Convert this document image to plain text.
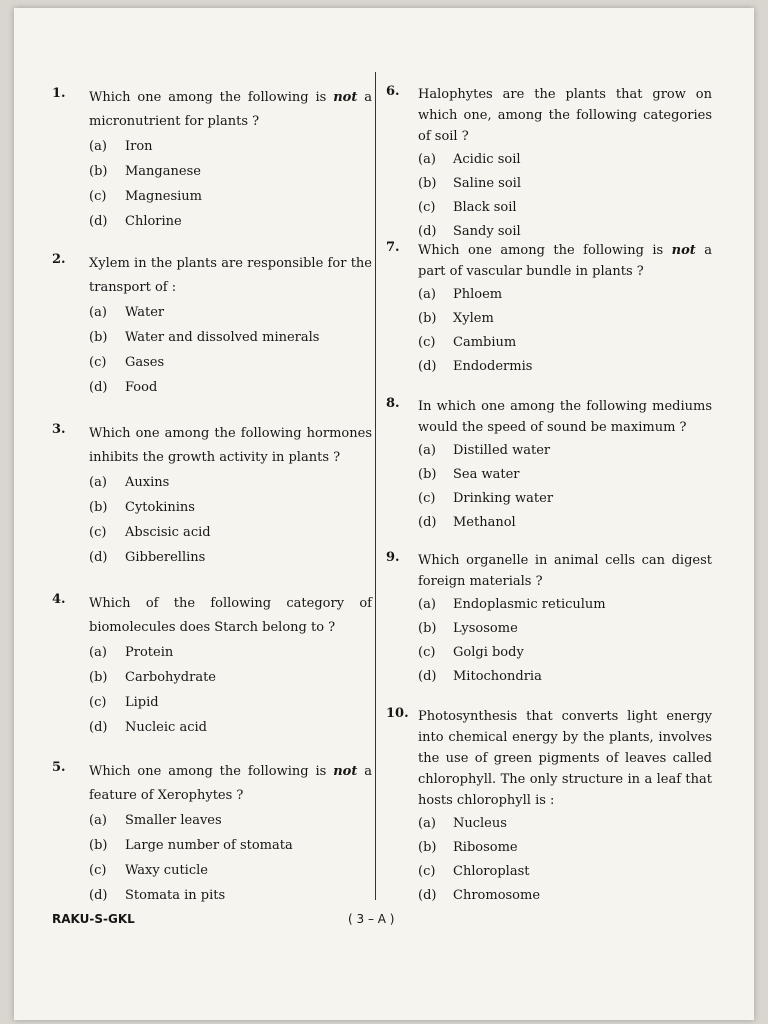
1. Which one among the following is not a micronutrient for plants ?
(a)	Iron
(b)	Manganese
(c)	Magnesium
(d)	Chlorine
2. Xylem in the plants are responsible for the transport of :
(a)	Water
(b)	Water and dissolved minerals
(c)	Gases
(d)	Food
3. Which one among the following hormones inhibits the growth activity in plants ?
(a)	Auxins
(b)	Cytokinins
(c)	Abscisic acid
(d)	Gibberellins
4. Which of the following category of biomolecules does Starch belong to ?
(a)	Protein
(b)	Carbohydrate
(c)	Lipid
(d)	Nucleic acid
5. Which one among the following is not a feature of Xerophytes ?
(a)	Smaller leaves
(b)	Large number of stomata
(c)	Waxy cuticle
(d)	Stomata in pits
6. Halophytes are the plants that grow on which one, among the following categories of soil ?
(a)	Acidic soil
(b)	Saline soil
(c)	Black soil
(d)	Sandy soil
7. Which one among the following is not a part of vascular bundle in plants ?
(a)	Phloem
(b)	Xylem
(c)	Cambium
(d)	Endodermis
8. In which one among the following mediums would the speed of sound be maximum ?
(a)	Distilled water
(b)	Sea water
(c)	Drinking water
(d)	Methanol
9. Which organelle in animal cells can digest foreign materials ?
(a)	Endoplasmic reticulum
(b)	Lysosome
(c)	Golgi body
(d)	Mitochondria
10. Photosynthesis that converts light energy into chemical energy by the plants, involves the use of green pigments of leaves called chlorophyll. The only structure in a leaf that hosts chlorophyll is :
(a)	Nucleus
(b)	Ribosome
(c)	Chloroplast
(d)	Chromosome
RAKU-S-GKL	( 3 – A )
